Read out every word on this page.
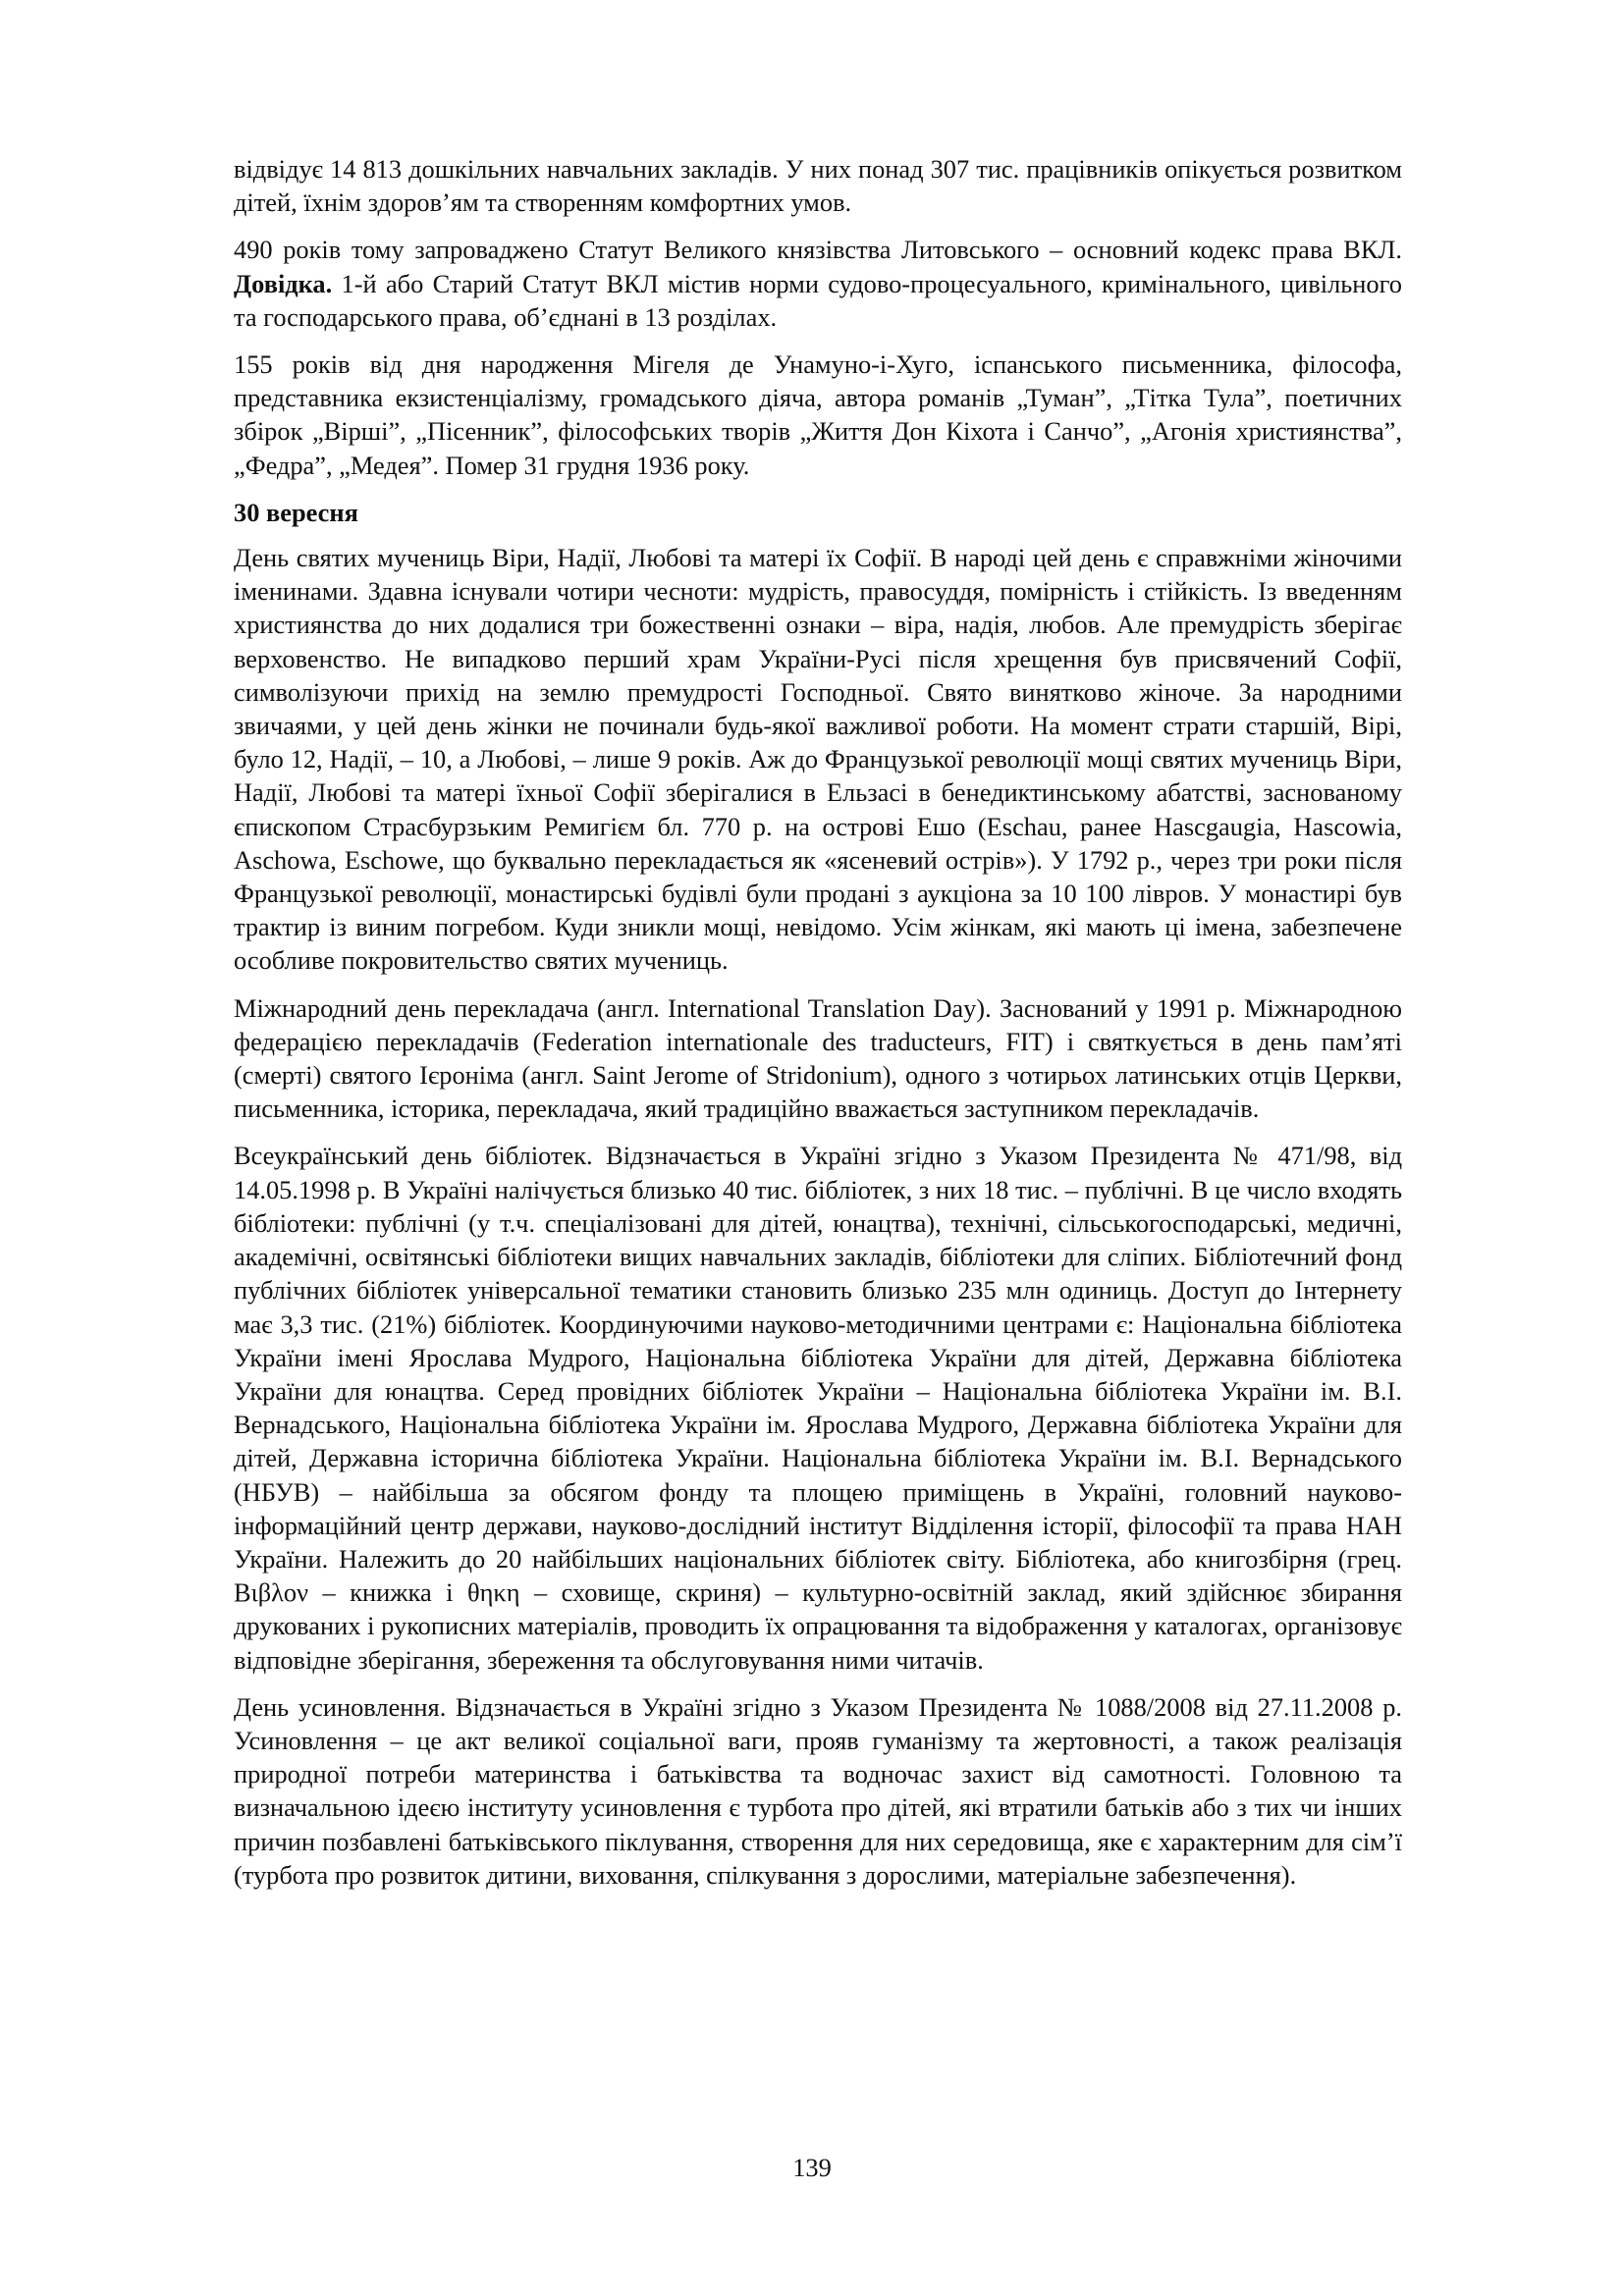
відвідує 14 813 дошкільних навчальних закладів. У них понад 307 тис. працівників опікується розвитком дітей, їхнім здоров’ям та створенням комфортних умов.

490 років тому запроваджено Статут Великого князівства Литовського – основний кодекс права ВКЛ. Довідка. 1-й або Старий Статут ВКЛ містив норми судово-процесуального, кримінального, цивільного та господарського права, об’єднані в 13 розділах.

155 років від дня народження Мігеля де Унамуно-і-Хуго, іспанського письменника, філософа, представника екзистенціалізму, громадського діяча, автора романів „Туман”, „Тітка Тула”, поетичних збірок „Вірші”, „Пісенник”, філософських творів „Життя Дон Кіхота і Санчо”, „Агонія християнства”, „Федра”, „Медея”. Помер 31 грудня 1936 року.

30 вересня

День святих мучениць Віри, Надії, Любові та матері їх Софії. В народі цей день є справжніми жіночими іменинами. Здавна існували чотири чесноти: мудрість, правосуддя, помірність і стійкість. Із введенням християнства до них додалися три божественні ознаки – віра, надія, любов. Але премудрість зберігає верховенство. Не випадково перший храм України-Русі після хрещення був присвячений Софії, символізуючи прихід на землю премудрості Господньої. Свято винятково жіноче. За народними звичаями, у цей день жінки не починали будь-якої важливої роботи. На момент страти старшій, Вірі, було 12, Надії, – 10, а Любові, – лише 9 років. Аж до Французької революції мощі святих мучениць Віри, Надії, Любові та матері їхньої Софії зберігалися в Ельзасі в бенедиктинському абатстві, заснованому єпископом Страсбурзьким Ремигієм бл. 770 р. на острові Ешо (Eschau, ранее Hascgaugia, Hascowia, Aschowa, Eschowe, що буквально перекладається як «ясеневий острів»). У 1792 р., через три роки після Французької революції, монастирські будівлі були продані з аукціона за 10 100 лівров. У монастирі був трактир із виним погребом. Куди зникли мощі, невідомо. Усім жінкам, які мають ці імена, забезпечене особливе покровительство святих мучениць.

Міжнародний день перекладача (англ. International Translation Day). Заснований у 1991 р. Міжнародною федерацією перекладачів (Federation internationale des traducteurs, FIT) і святкується в день пам’яті (смерті) святого Ієроніма (англ. Saint Jerome of Stridonium), одного з чотирьох латинських отців Церкви, письменника, історика, перекладача, який традиційно вважається заступником перекладачів.

Всеукраїнський день бібліотек. Відзначається в Україні згідно з Указом Президента № 471/98, від 14.05.1998 р. В Україні налічується близько 40 тис. бібліотек, з них 18 тис. – публічні. В це число входять бібліотеки: публічні (у т.ч. спеціалізовані для дітей, юнацтва), технічні, сільськогосподарські, медичні, академічні, освітянські бібліотеки вищих навчальних закладів, бібліотеки для сліпих. Бібліотечний фонд публічних бібліотек універсальної тематики становить близько 235 млн одиниць. Доступ до Інтернету має 3,3 тис. (21%) бібліотек. Координуючими науково-методичними центрами є: Національна бібліотека України імені Ярослава Мудрого, Національна бібліотека України для дітей, Державна бібліотека України для юнацтва. Серед провідних бібліотек України – Національна бібліотека України ім. В.І. Вернадського, Національна бібліотека України ім. Ярослава Мудрого, Державна бібліотека України для дітей, Державна історична бібліотека України. Національна бібліотека України ім. В.І. Вернадського (НБУВ) – найбільша за обсягом фонду та площею приміщень в Україні, головний науково-інформаційний центр держави, науково-дослідний інститут Відділення історії, філософії та права НАН України. Належить до 20 найбільших національних бібліотек світу. Бібліотека, або книгозбірня (грец. Βιβλον – книжка і θηκη – сховище, скриня) – культурно-освітній заклад, який здійснює збирання друкованих і рукописних матеріалів, проводить їх опрацювання та відображення у каталогах, організовує відповідне зберігання, збереження та обслуговування ними читачів.

День усиновлення. Відзначається в Україні згідно з Указом Президента № 1088/2008 від 27.11.2008 р. Усиновлення – це акт великої соціальної ваги, прояв гуманізму та жертовності, а також реалізація природної потреби материнства і батьківства та водночас захист від самотності. Головною та визначальною ідеєю інституту усиновлення є турбота про дітей, які втратили батьків або з тих чи інших причин позбавлені батьківського піклування, створення для них середовища, яке є характерним для сім’ї (турбота про розвиток дитини, виховання, спілкування з дорослими, матеріальне забезпечення).

139
